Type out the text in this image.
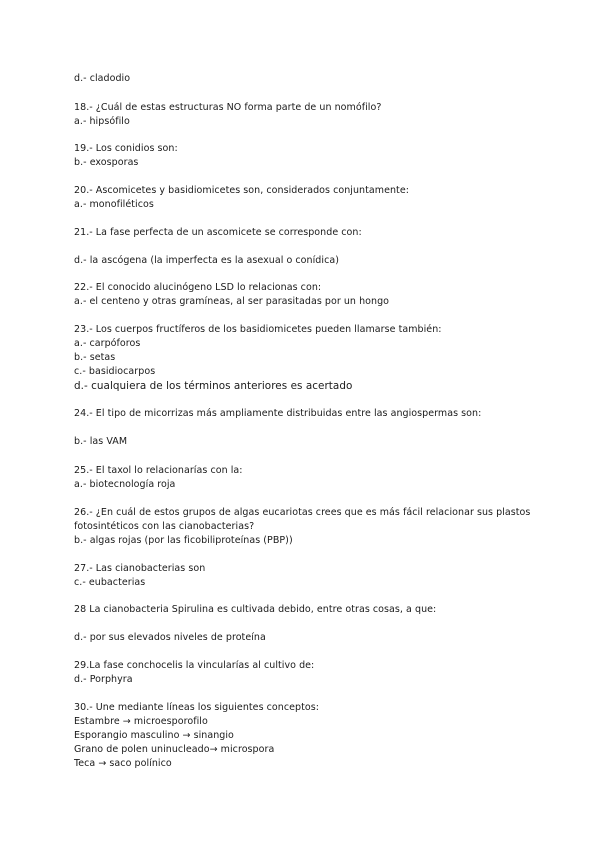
d.- cladodio
18.- ¿Cuál de estas estructuras NO forma parte de un nomófilo?
a.- hipsófilo
19.- Los conidios son:
b.- exosporas
20.- Ascomicetes y basidiomicetes son, considerados conjuntamente:
a.- monofiléticos
21.- La fase perfecta de un ascomicete se corresponde con:
d.- la ascógena (la imperfecta es la asexual o conídica)
22.- El conocido alucinógeno LSD lo relacionas con:
a.- el centeno y otras gramíneas, al ser parasitadas por un hongo
23.- Los cuerpos fructíferos de los basidiomicetes pueden llamarse también:
a.- carpóforos
b.- setas
c.- basidiocarpos
d.- cualquiera de los términos anteriores es acertado
24.- El tipo de micorrizas más ampliamente distribuidas entre las angiospermas son:
b.- las VAM
25.- El taxol lo relacionarías con la:
a.- biotecnología roja
26.- ¿En cuál de estos grupos de algas eucariotas crees que es más fácil relacionar sus plastos
fotosintéticos con las cianobacterias?
b.- algas rojas (por las ficobiliproteínas (PBP))
27.- Las cianobacterias son
c.- eubacterias
28 La cianobacteria Spirulina es cultivada debido, entre otras cosas, a que:
d.- por sus elevados niveles de proteína
29.La fase conchocelis la vincularías al cultivo de:
d.- Porphyra
30.- Une mediante líneas los siguientes conceptos:
Estambre → microesporofilo
Esporangio masculino → sinangio
Grano de polen uninucleado→ microspora
Teca → saco polínico
